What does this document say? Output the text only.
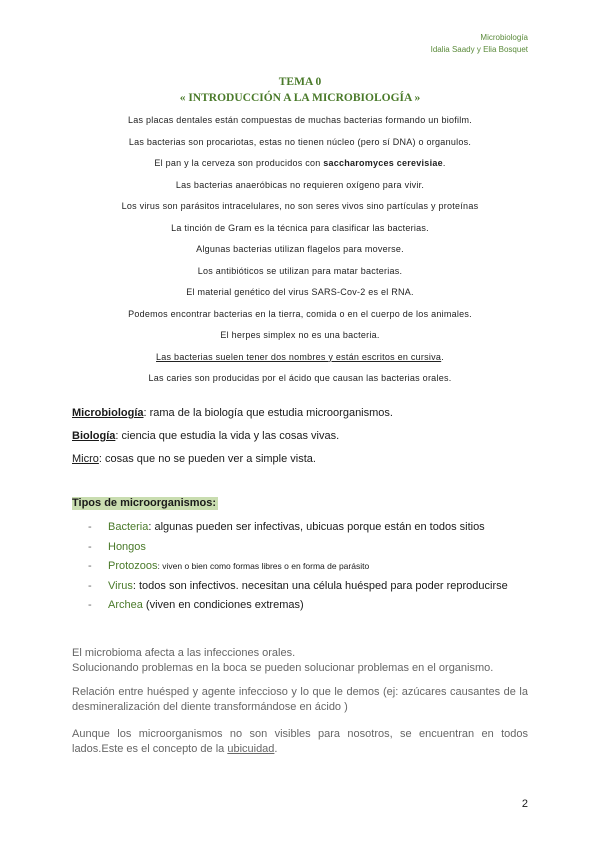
Microbiología
Idalia Saady y Elia Bosquet
TEMA 0
« INTRODUCCIÓN A LA MICROBIOLOGÍA »
Las placas dentales están compuestas de muchas bacterias formando un biofilm.
Las bacterias son procariotas, estas no tienen núcleo (pero sí DNA) o organulos.
El pan y la cerveza son producidos con saccharomyces cerevisiae.
Las bacterias anaeróbicas no requieren oxígeno para vivir.
Los virus son parásitos intracelulares, no son seres vivos sino partículas y proteínas
La tinción de Gram es la técnica para clasificar las bacterias.
Algunas bacterias utilizan flagelos para moverse.
Los antibióticos se utilizan para matar bacterias.
El material genético del virus SARS-Cov-2 es el RNA.
Podemos encontrar bacterias en la tierra, comida o en el cuerpo de los animales.
El herpes simplex no es una bacteria.
Las bacterias suelen tener dos nombres y están escritos en cursiva.
Las caries son producidas por el ácido que causan las bacterias orales.
Microbiología: rama de la biología que estudia microorganismos.
Biología: ciencia que estudia la vida y las cosas vivas.
Micro: cosas que no se pueden ver a simple vista.
Tipos de microorganismos:
- Bacteria: algunas pueden ser infectivas, ubicuas porque están en todos sitios
- Hongos
- Protozoos: viven o bien como formas libres o en forma de parásito
- Virus: todos son infectivos. necesitan una célula huésped para poder reproducirse
- Archea (viven en condiciones extremas)
El microbioma afecta a las infecciones orales.
Solucionando problemas en la boca se pueden solucionar problemas en el organismo.
Relación entre huésped y agente infeccioso y lo que le demos (ej: azúcares causantes de la desmineralización del diente transformándose en ácido )
Aunque los microorganismos no son visibles para nosotros, se encuentran en todos lados.Este es el concepto de la ubicuidad.
2
